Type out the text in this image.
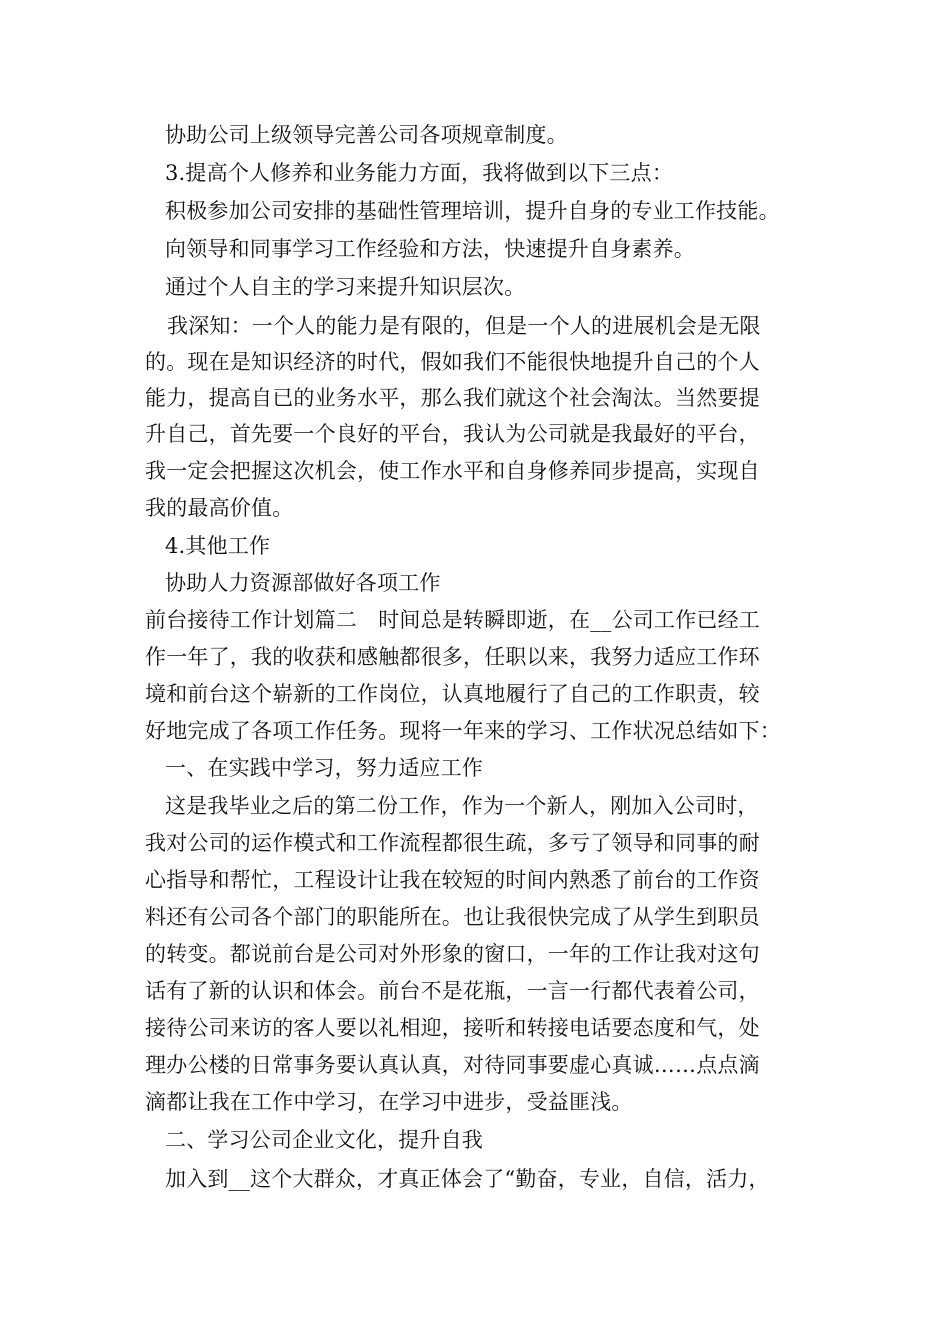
协助公司上级领导完善公司各项规章制度。
3.提高个人修养和业务能力方面，我将做到以下三点：
积极参加公司安排的基础性管理培训，提升自身的专业工作技能。
向领导和同事学习工作经验和方法，快速提升自身素养。
通过个人自主的学习来提升知识层次。
我深知：一个人的能力是有限的，但是一个人的进展机会是无限
的。现在是知识经济的时代，假如我们不能很快地提升自己的个人
能力，提高自已的业务水平，那么我们就这个社会淘汰。当然要提
升自己，首先要一个良好的平台，我认为公司就是我最好的平台，
我一定会把握这次机会，使工作水平和自身修养同步提高，实现自
我的最高价值。
4.其他工作
协助人力资源部做好各项工作
前台接待工作计划篇二　时间总是转瞬即逝，在__公司工作已经工
作一年了，我的收获和感触都很多，任职以来，我努力适应工作环
境和前台这个崭新的工作岗位，认真地履行了自己的工作职责，较
好地完成了各项工作任务。现将一年来的学习、工作状况总结如下：
一、在实践中学习，努力适应工作
这是我毕业之后的第二份工作，作为一个新人，刚加入公司时，
我对公司的运作模式和工作流程都很生疏，多亏了领导和同事的耐
心指导和帮忙，工程设计让我在较短的时间内熟悉了前台的工作资
料还有公司各个部门的职能所在。也让我很快完成了从学生到职员
的转变。都说前台是公司对外形象的窗口，一年的工作让我对这句
话有了新的认识和体会。前台不是花瓶，一言一行都代表着公司，
接待公司来访的客人要以礼相迎，接听和转接电话要态度和气，处
理办公楼的日常事务要认真认真，对待同事要虚心真诚……点点滴
滴都让我在工作中学习，在学习中进步，受益匪浅。
二、学习公司企业文化，提升自我
加入到__这个大群众，才真正体会了“勤奋，专业，自信，活力，
